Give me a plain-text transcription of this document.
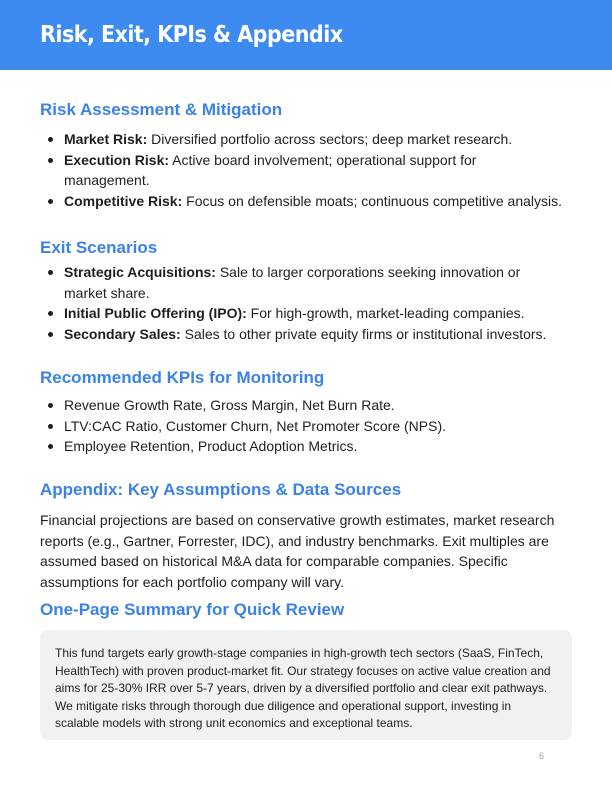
Risk, Exit, KPIs & Appendix
Risk Assessment & Mitigation
Market Risk: Diversified portfolio across sectors; deep market research.
Execution Risk: Active board involvement; operational support for management.
Competitive Risk: Focus on defensible moats; continuous competitive analysis.
Exit Scenarios
Strategic Acquisitions: Sale to larger corporations seeking innovation or market share.
Initial Public Offering (IPO): For high-growth, market-leading companies.
Secondary Sales: Sales to other private equity firms or institutional investors.
Recommended KPIs for Monitoring
Revenue Growth Rate, Gross Margin, Net Burn Rate.
LTV:CAC Ratio, Customer Churn, Net Promoter Score (NPS).
Employee Retention, Product Adoption Metrics.
Appendix: Key Assumptions & Data Sources

Financial projections are based on conservative growth estimates, market research reports (e.g., Gartner, Forrester, IDC), and industry benchmarks. Exit multiples are assumed based on historical M&A data for comparable companies. Specific assumptions for each portfolio company will vary.

One-Page Summary for Quick Review

This fund targets early growth-stage companies in high-growth tech sectors (SaaS, FinTech, HealthTech) with proven product-market fit. Our strategy focuses on active value creation and aims for 25-30% IRR over 5-7 years, driven by a diversified portfolio and clear exit pathways. We mitigate risks through thorough due diligence and operational support, investing in scalable models with strong unit economics and exceptional teams.

6
